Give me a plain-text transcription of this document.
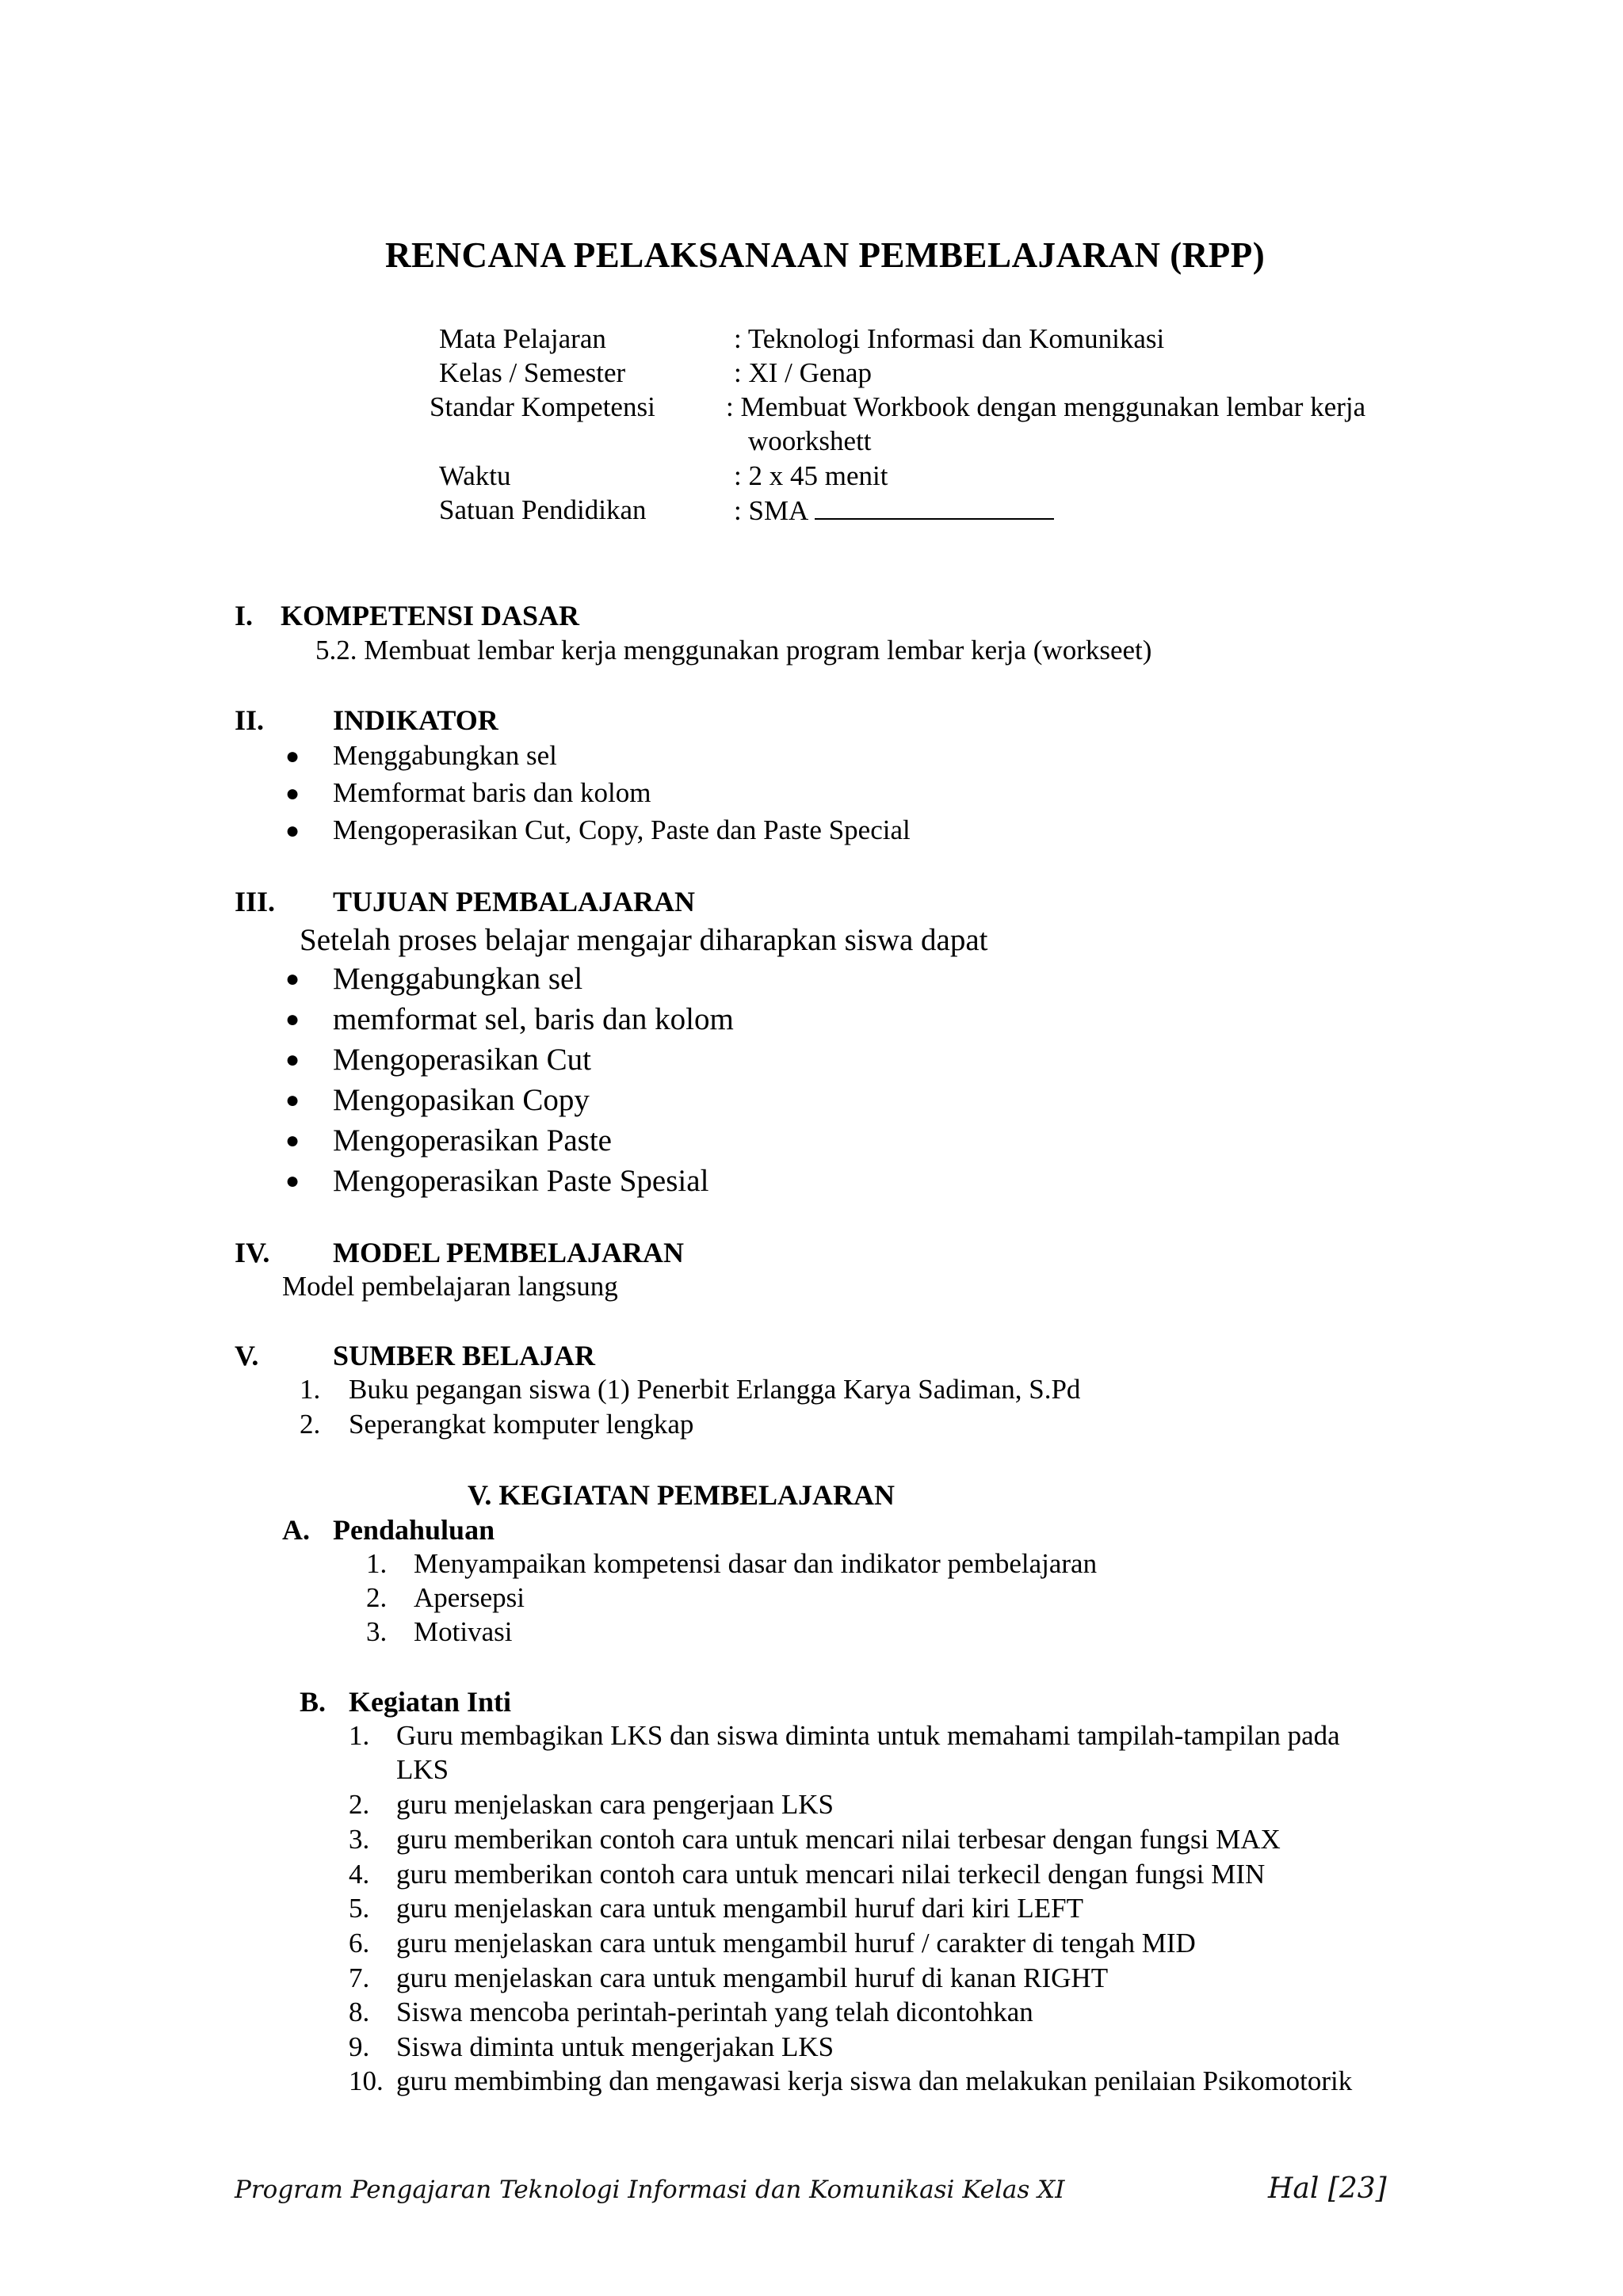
RENCANA PELAKSANAAN PEMBELAJARAN (RPP)
Mata Pelajaran	: Teknologi Informasi dan Komunikasi
Kelas / Semester	: XI / Genap
Standar Kompetensi	: Membuat Workbook dengan menggunakan lembar kerja
woorkshett
Waktu	: 2 x 45 menit
Satuan Pendidikan	: SMA
I. KOMPETENSI DASAR
5.2. Membuat lembar kerja menggunakan program lembar kerja (workseet)
II. INDIKATOR
● Menggabungkan sel
● Memformat baris dan kolom
● Mengoperasikan Cut, Copy, Paste dan Paste Special
III. TUJUAN PEMBALAJARAN
Setelah proses belajar mengajar diharapkan siswa dapat
● Menggabungkan sel
● memformat sel, baris dan kolom
● Mengoperasikan Cut
● Mengopasikan Copy
● Mengoperasikan Paste
● Mengoperasikan Paste Spesial
IV. MODEL PEMBELAJARAN
Model pembelajaran langsung
V.	SUMBER BELAJAR
1. Buku pegangan siswa (1) Penerbit Erlangga Karya Sadiman, S.Pd
2. Seperangkat komputer lengkap
V. KEGIATAN PEMBELAJARAN
A. Pendahuluan
1. Menyampaikan kompetensi dasar dan indikator pembelajaran
2. Apersepsi
3. Motivasi
B. Kegiatan Inti
1. Guru membagikan LKS dan siswa diminta untuk memahami tampilah-tampilan pada
LKS
2. guru menjelaskan cara pengerjaan LKS
3. guru memberikan contoh cara untuk mencari nilai terbesar dengan fungsi MAX
4. guru memberikan contoh cara untuk mencari nilai terkecil dengan fungsi MIN
5. guru menjelaskan cara untuk mengambil huruf dari kiri LEFT
6. guru menjelaskan cara untuk mengambil huruf / carakter di tengah MID
7. guru menjelaskan cara untuk mengambil huruf di kanan RIGHT
8. Siswa mencoba perintah-perintah yang telah dicontohkan
9. Siswa diminta untuk mengerjakan LKS
10. guru membimbing dan mengawasi kerja siswa dan melakukan penilaian Psikomotorik
Program Pengajaran Teknologi Informasi dan Komunikasi Kelas XI	Hal [23]
